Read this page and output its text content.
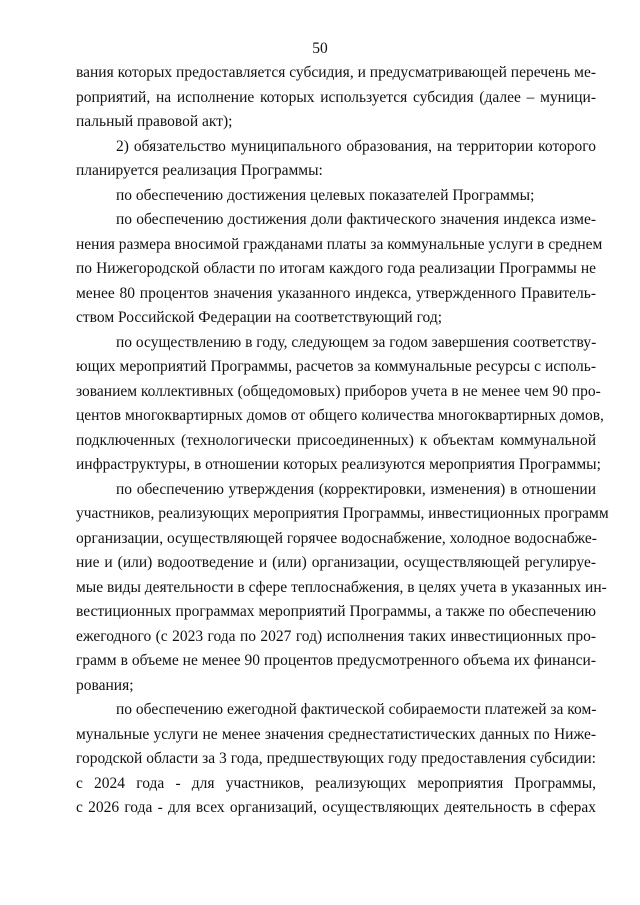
50
вания которых предоставляется субсидия, и предусматривающей перечень ме-
роприятий, на исполнение которых используется субсидия (далее – муници-
пальный правовой акт);
2) обязательство муниципального образования, на территории которого
планируется реализация Программы:
по обеспечению достижения целевых показателей Программы;
по обеспечению достижения доли фактического значения индекса изме-
нения размера вносимой гражданами платы за коммунальные услуги в среднем
по Нижегородской области по итогам каждого года реализации Программы не
менее 80 процентов значения указанного индекса, утвержденного Правитель-
ством Российской Федерации на соответствующий год;
по осуществлению в году, следующем за годом завершения соответству-
ющих мероприятий Программы, расчетов за коммунальные ресурсы с исполь-
зованием коллективных (общедомовых) приборов учета в не менее чем 90 про-
центов многоквартирных домов от общего количества многоквартирных домов,
подключенных (технологически присоединенных) к объектам коммунальной
инфраструктуры, в отношении которых реализуются мероприятия Программы;
по обеспечению утверждения (корректировки, изменения) в отношении
участников, реализующих мероприятия Программы, инвестиционных программ
организации, осуществляющей горячее водоснабжение, холодное водоснабже-
ние и (или) водоотведение и (или) организации, осуществляющей регулируе-
мые виды деятельности в сфере теплоснабжения, в целях учета в указанных ин-
вестиционных программах мероприятий Программы, а также по обеспечению
ежегодного (с 2023 года по 2027 год) исполнения таких инвестиционных про-
грамм в объеме не менее 90 процентов предусмотренного объема их финанси-
рования;
по обеспечению ежегодной фактической собираемости платежей за ком-
мунальные услуги не менее значения среднестатистических данных по Ниже-
городской области за 3 года, предшествующих году предоставления субсидии:
с 2024 года - для участников, реализующих мероприятия Программы,
с 2026 года - для всех организаций, осуществляющих деятельность в сферах
